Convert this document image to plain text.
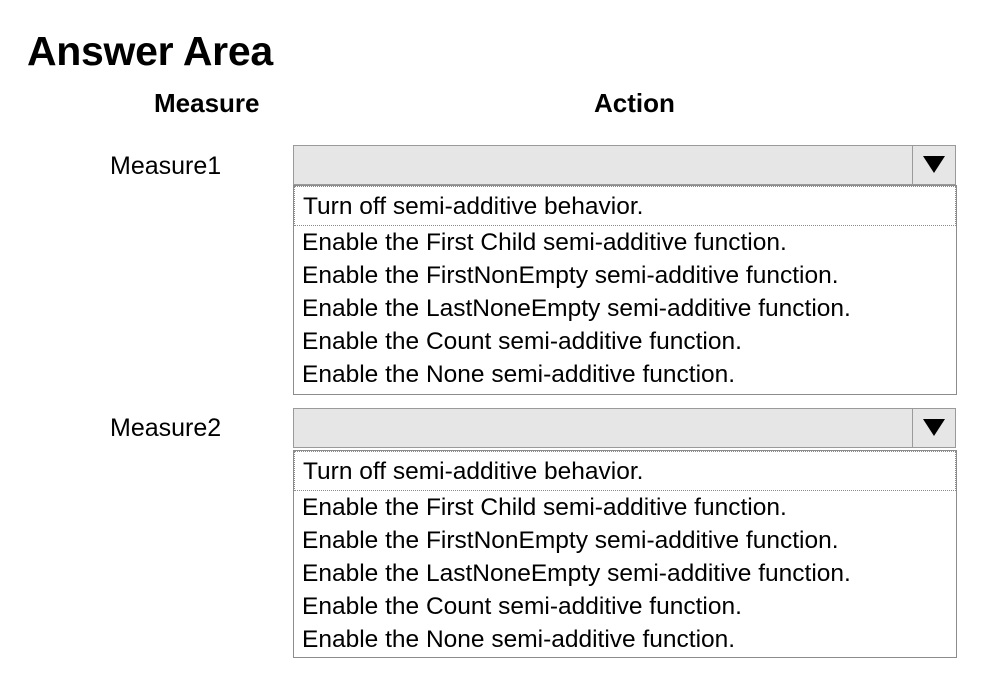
Answer Area
Measure	Action
Measure1
Turn off semi-additive behavior.
Enable the First Child semi-additive function.
Enable the FirstNonEmpty semi-additive function.
Enable the LastNoneEmpty semi-additive function.
Enable the Count semi-additive function.
Enable the None semi-additive function.
Measure2
Turn off semi-additive behavior.
Enable the First Child semi-additive function.
Enable the FirstNonEmpty semi-additive function.
Enable the LastNoneEmpty semi-additive function.
Enable the Count semi-additive function.
Enable the None semi-additive function.
